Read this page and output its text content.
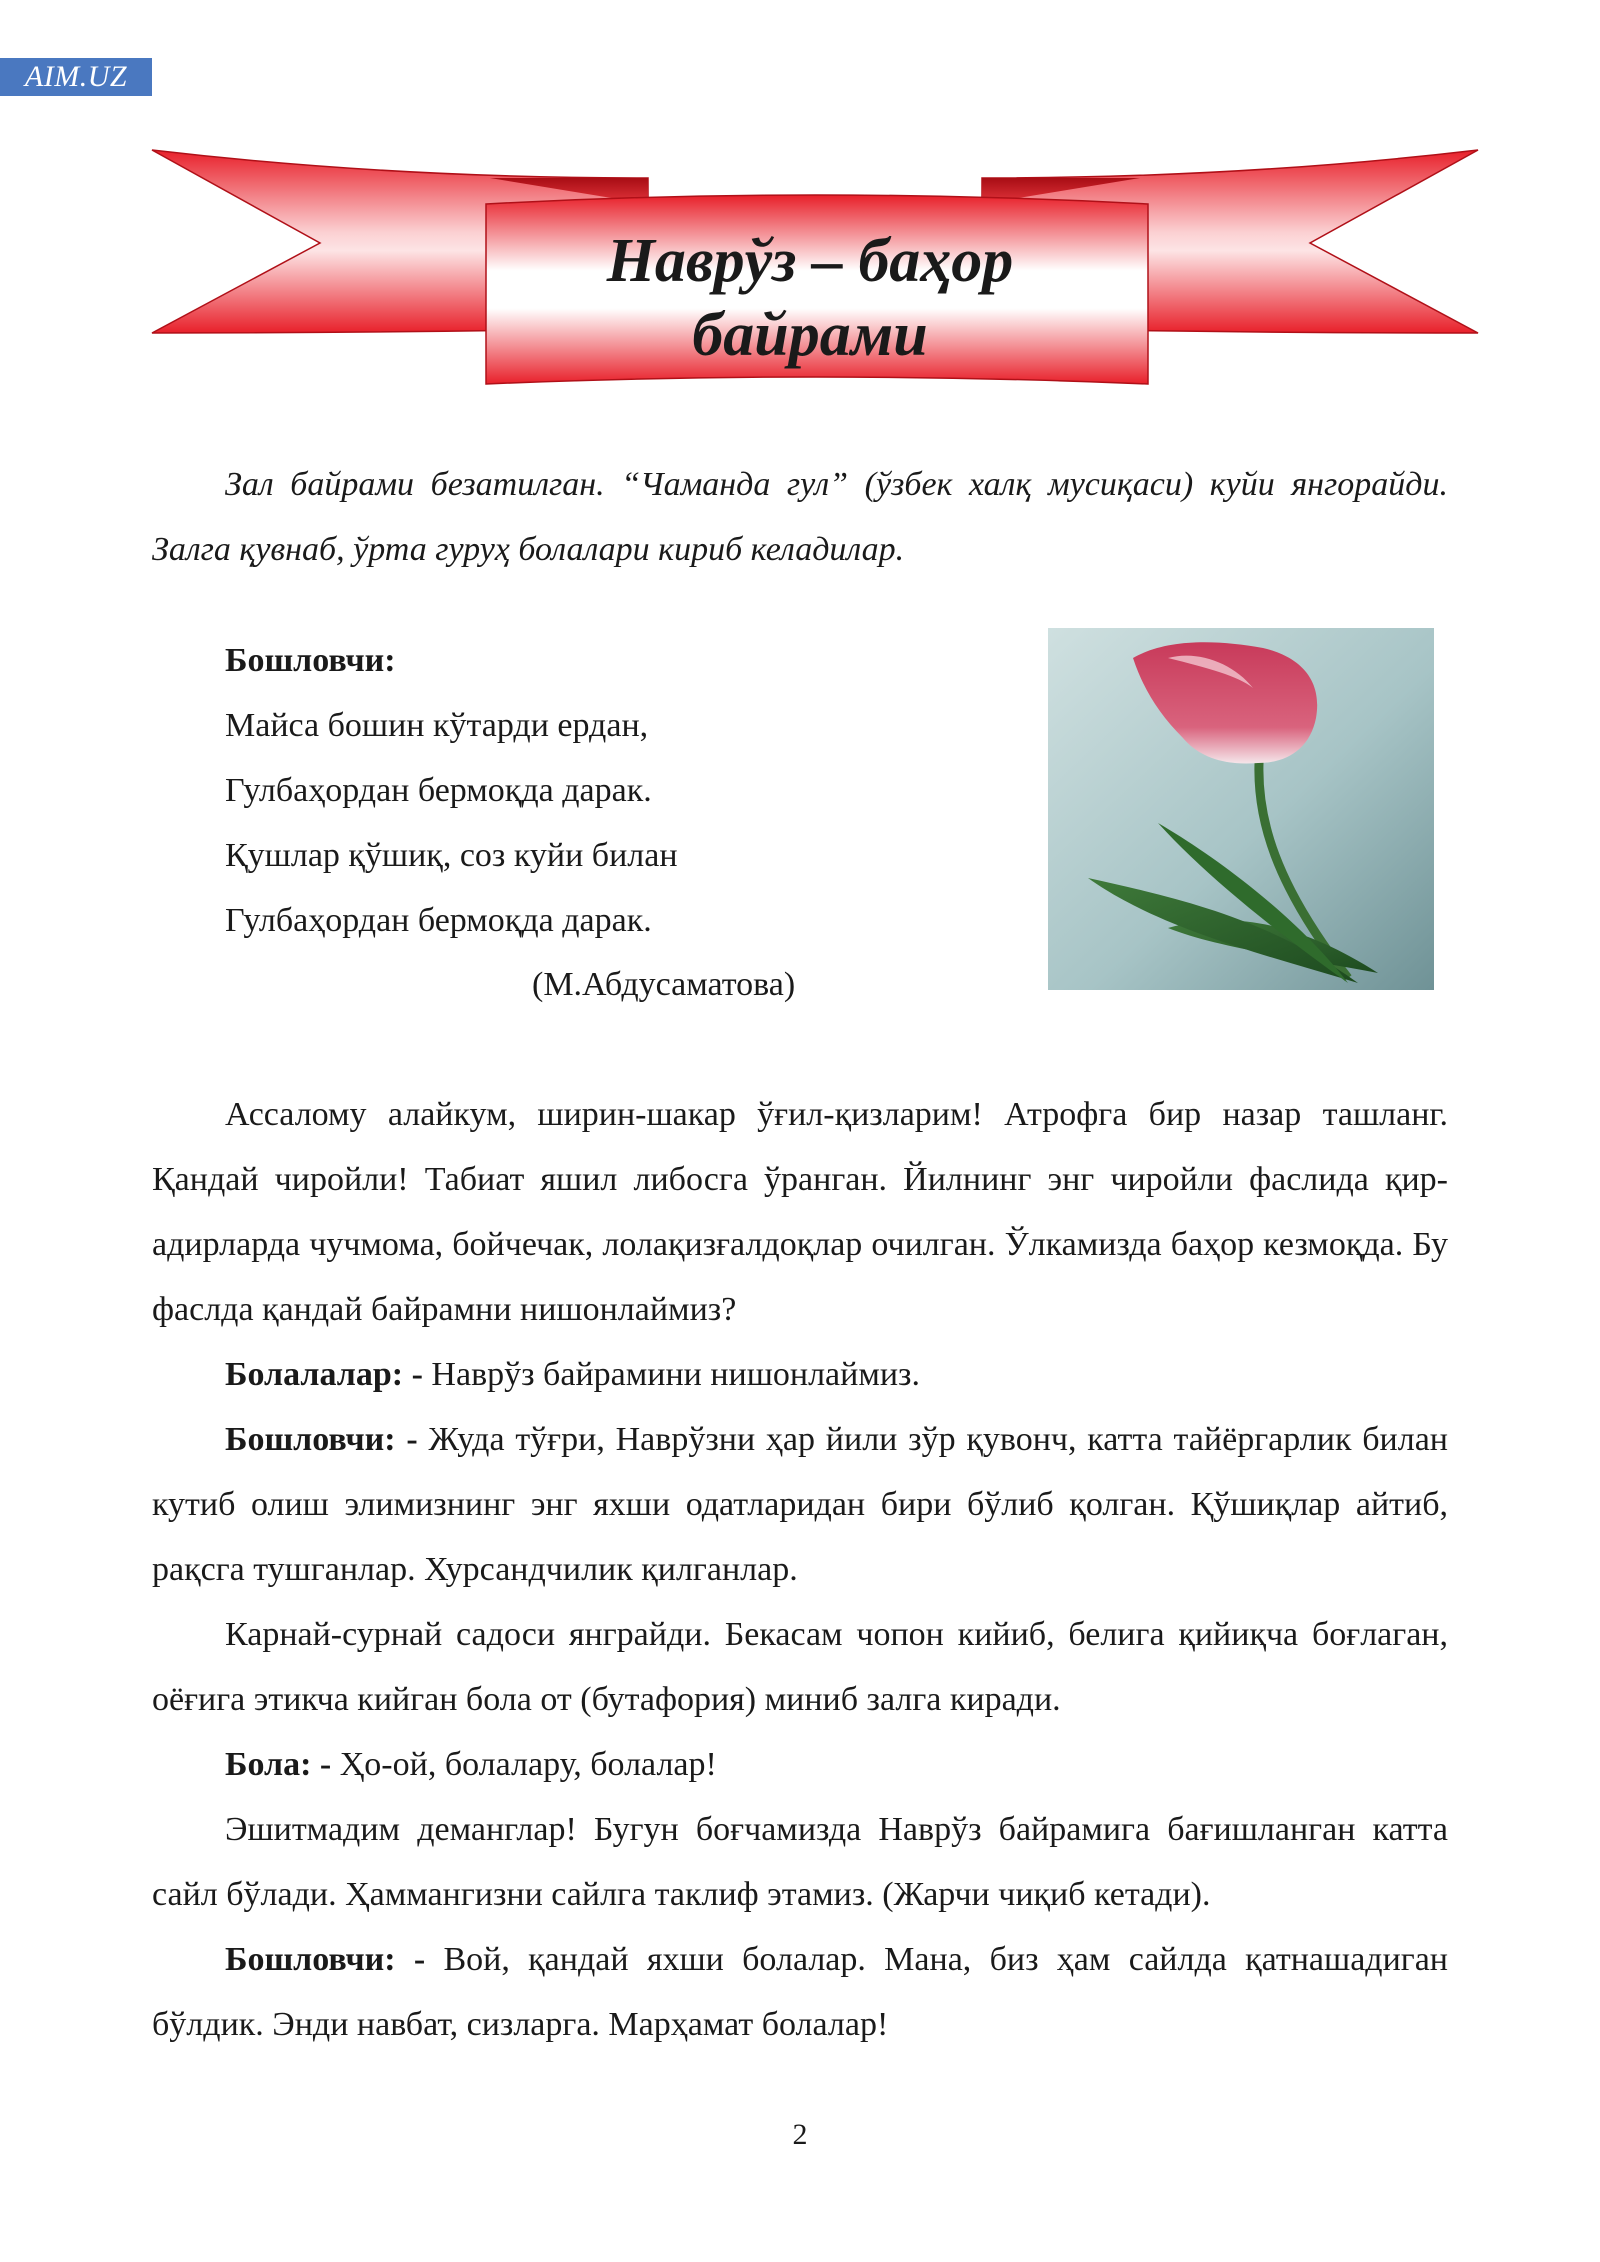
AIM.UZ
Наврўз – баҳор
байрами

Зал байрами безатилган. “Чаманда гул” (ўзбек халқ мусиқаси) куйи янгорайди. Залга қувнаб, ўрта гуруҳ болалари кириб келадилар.

Бошловчи:
Майса бошин кўтарди ердан,
Гулбаҳордан бермоқда дарак.
Қушлар қўшиқ, соз куйи билан
Гулбаҳордан бермоқда дарак.
(М.Абдусаматова)

Ассалому алайкум, ширин-шакар ўғил-қизларим! Атрофга бир назар ташланг. Қандай чиройли! Табиат яшил либосга ўранган. Йилнинг энг чиройли фаслида қир-адирларда чучмома, бойчечак, лолақизғалдоқлар очилган. Ўлкамизда баҳор кезмоқда. Бу фаслда қандай байрамни нишонлаймиз?

Болалалар: - Наврўз байрамини нишонлаймиз.

Бошловчи: - Жуда тўғри, Наврўзни ҳар йили зўр қувонч, катта тайёргарлик билан кутиб олиш элимизнинг энг яхши одатларидан бири бўлиб қолган. Қўшиқлар айтиб, рақсга тушганлар. Хурсандчилик қилганлар.

Карнай-сурнай садоси янграйди. Бекасам чопон кийиб, белига қийиқча боғлаган, оёғига этикча кийган бола от (бутафория) миниб залга киради.

Бола: - Ҳо-ой, болалару, болалар!

Эшитмадим деманглар! Бугун боғчамизда Наврўз байрамига бағишланган катта сайл бўлади. Ҳаммангизни сайлга таклиф этамиз. (Жарчи чиқиб кетади).

Бошловчи: - Вой, қандай яхши болалар. Мана, биз ҳам сайлда қатнашадиган бўлдик. Энди навбат, сизларга. Марҳамат болалар!

2
